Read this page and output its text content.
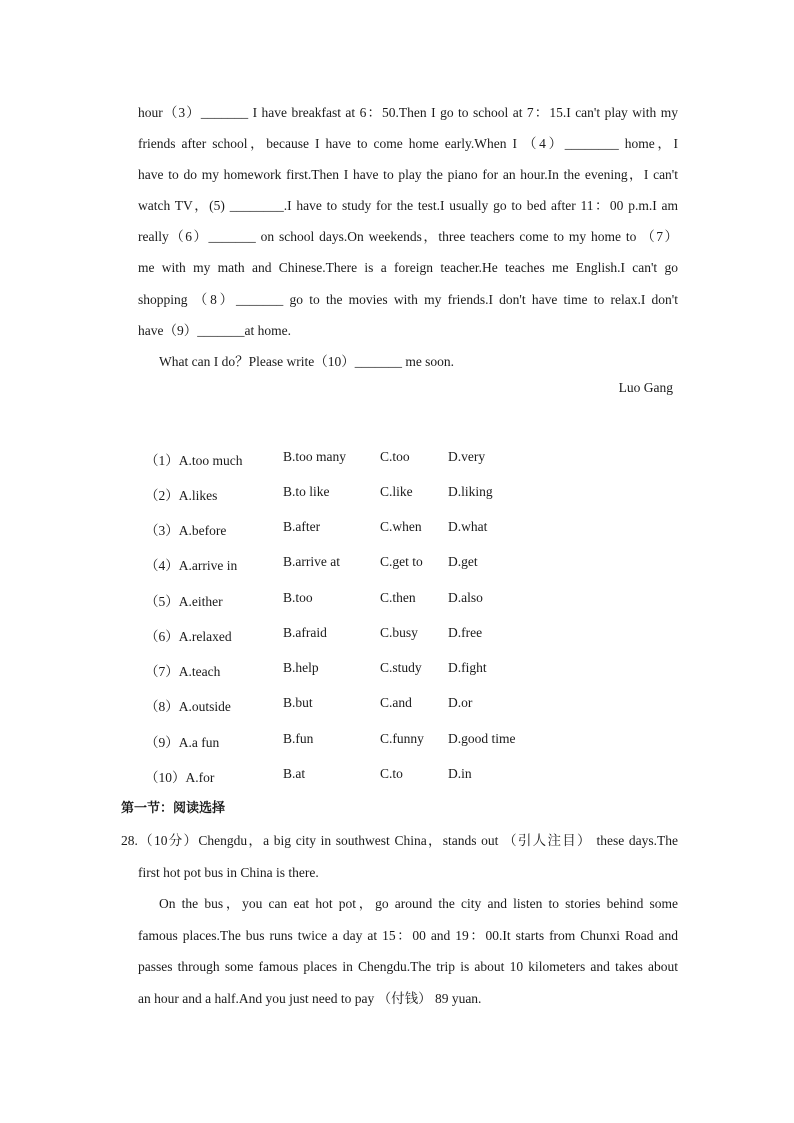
hour（3）_______ I have breakfast at 6：50.Then I go to school at 7：15.I can't play with my
friends after school，because I have to come home early.When I （4）________ home，I
have to do my homework first.Then I have to play the piano for an hour.In the evening，I can't
watch TV，(5) ________.I have to study for the test.I usually go to bed after 11：00 p.m.I am
really（6）_______ on school days.On weekends，three teachers come to my home to （7）
me with my math and Chinese.There is a foreign teacher.He teaches me English.I can't go
shopping （8）_______ go to the movies with my friends.I don't have time to relax.I don't
have（9）_______at home.
What can I do？Please write（10）_______ me soon.
Luo Gang
（1）A.too much	B.too many	C.too	D.very
（2）A.likes	B.to like	C.like	D.liking
（3）A.before	B.after	C.when D.what
（4）A.arrive in	B.arrive at	C.get to D.get
（5）A.either	B.too	C.then D.also
（6）A.relaxed	B.afraid	C.busy D.free
（7）A.teach	B.help	C.study D.fight
（8）A.outside	B.but	C.and	D.or
（9）A.a fun	B.fun	C.funny D.good time
（10）A.for	B.at	C.to	D.in
第一节：阅读选择
28.（10分）Chengdu，a big city in southwest China，stands out （引人注目） these days.The
first hot pot bus in China is there.
On the bus，you can eat hot pot，go around the city and listen to stories behind some
famous places.The bus runs twice a day at 15：00 and 19：00.It starts from Chunxi Road and
passes through some famous places in Chengdu.The trip is about 10 kilometers and takes about
an hour and a half.And you just need to pay （付钱） 89 yuan.
